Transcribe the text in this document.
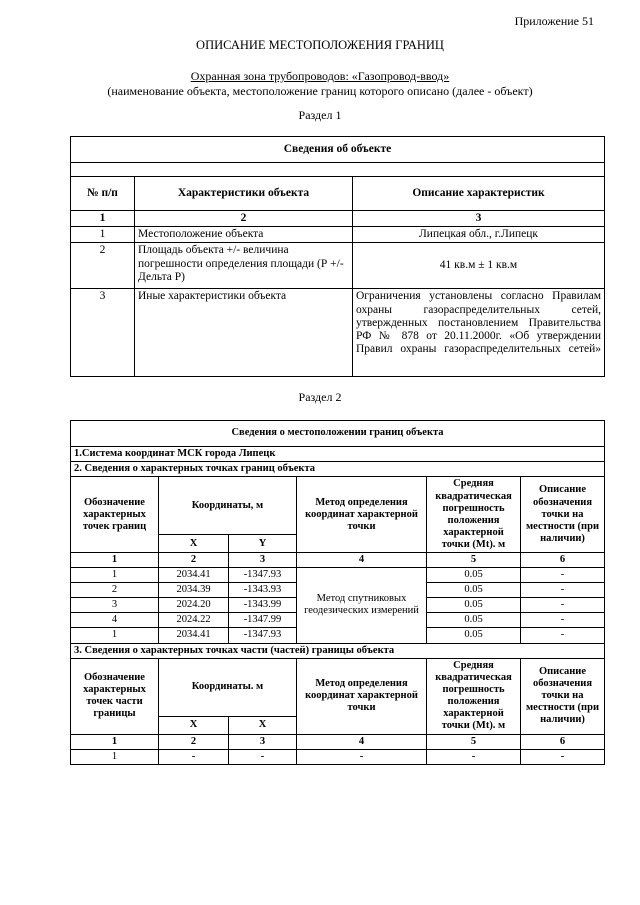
Приложение 51
ОПИСАНИЕ МЕСТОПОЛОЖЕНИЯ ГРАНИЦ
Охранная зона трубопроводов: «Газопровод-ввод»
(наименование объекта, местоположение границ которого описано (далее - объект)
Раздел 1
Сведения об объекте		

№ п/п	Характеристики объекта	Описание характеристик
1	2	3
1	Местоположение объекта	Липецкая обл., г.Липецк
2	Площадь объекта +/- величина погрешности определения площади (Р +/- Дельта Р)	41 кв.м ± 1 кв.м
3	Иные характеристики объекта	Ограничения установлены согласно Правилам охраны газораспределительных сетей, утвержденных постановлением Правительства РФ № 878 от 20.11.2000г. «Об утверждении Правил охраны газораспределительных сетей»
Раздел 2
Сведения о местоположении границ объекта					
1.Система координат МСК города Липецк					
2. Сведения о характерных точках границ объекта					
Обозначение характерных точек границ	Координаты, м		Метод определения координат характерной точки	Средняя квадратическая погрешность положения характерной точки (Mt). м	Описание обозначения точки на местности (при наличии)
	X	Y			
1	2	3	4	5	6
1	2034.41	-1347.93	Метод спутниковых геодезических измерений	0.05	-
2	2034.39	-1343.93		0.05	-
3	2024.20	-1343.99		0.05	-
4	2024.22	-1347.99		0.05	-
1	2034.41	-1347.93		0.05	-
3. Сведения о характерных точках части (частей) границы объекта					
Обозначение характерных точек части границы	Координаты. м		Метод определения координат характерной точки	Средняя квадратическая погрешность положения характерной точки (Mt). м	Описание обозначения точки на местности (при наличии)
	X	X			
1	2	3	4	5	6
1	-	-	-	-	-
